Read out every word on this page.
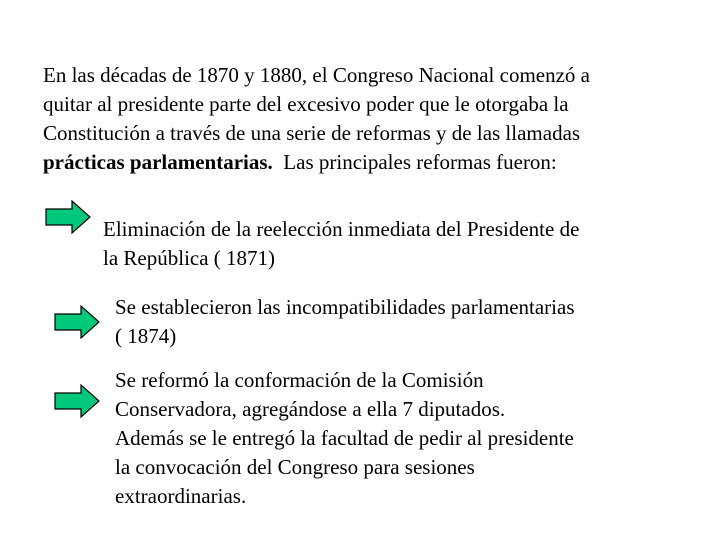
En las décadas de 1870 y 1880, el Congreso Nacional comenzó a
quitar al presidente parte del excesivo poder que le otorgaba la
Constitución a través de una serie de reformas y de las llamadas
prácticas parlamentarias.  Las principales reformas fueron:

Eliminación de la reelección inmediata del Presidente de
la República ( 1871)

Se establecieron las incompatibilidades parlamentarias
( 1874)

Se reformó la conformación de la Comisión
Conservadora, agregándose a ella 7 diputados.
Además se le entregó la facultad de pedir al presidente
la convocación del Congreso para sesiones
extraordinarias.
